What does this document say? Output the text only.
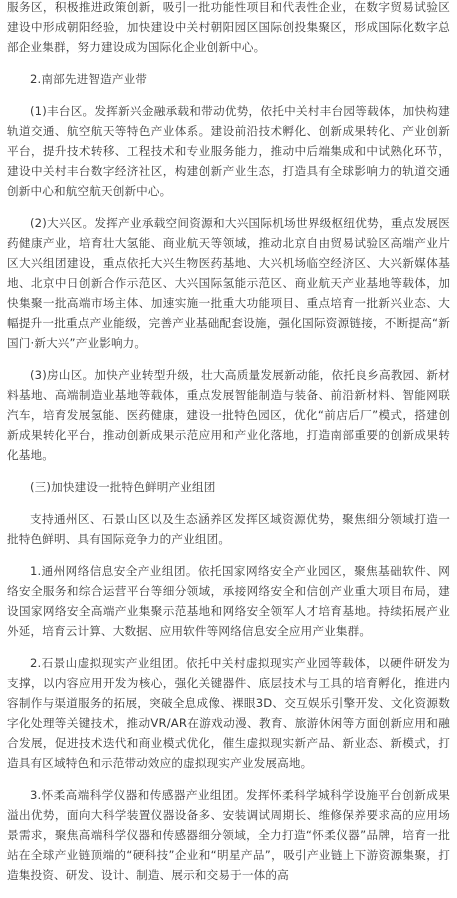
服务区，积极推进政策创新，吸引一批功能性项目和代表性企业，在数字贸易试验区建设中形成朝阳经验，加快建设中关村朝阳园区国际创投集聚区，形成国际化数字总部企业集群，努力建设成为国际化企业创新中心。

2.南部先进智造产业带

(1)丰台区。发挥新兴金融承载和带动优势，依托中关村丰台园等载体，加快构建轨道交通、航空航天等特色产业体系。建设前沿技术孵化、创新成果转化、产业创新平台，提升技术转移、工程技术和专业服务能力，推动中后端集成和中试熟化环节，建设中关村丰台数字经济社区，构建创新产业生态，打造具有全球影响力的轨道交通创新中心和航空航天创新中心。

(2)大兴区。发挥产业承载空间资源和大兴国际机场世界级枢纽优势，重点发展医药健康产业，培育壮大氢能、商业航天等领域，推动北京自由贸易试验区高端产业片区大兴组团建设，重点依托大兴生物医药基地、大兴机场临空经济区、大兴新媒体基地、北京中日创新合作示范区、大兴国际氢能示范区、商业航天产业基地等载体，加快集聚一批高端市场主体、加速实施一批重大功能项目、重点培育一批新兴业态、大幅提升一批重点产业能级，完善产业基础配套设施，强化国际资源链接，不断提高“新国门·新大兴”产业影响力。

(3)房山区。加快产业转型升级，壮大高质量发展新动能，依托良乡高教园、新材料基地、高端制造业基地等载体，重点发展智能制造与装备、前沿新材料、智能网联汽车，培育发展氢能、医药健康，建设一批特色园区，优化“前店后厂”模式，搭建创新成果转化平台，推动创新成果示范应用和产业化落地，打造南部重要的创新成果转化基地。

(三)加快建设一批特色鲜明产业组团

支持通州区、石景山区以及生态涵养区发挥区域资源优势，聚焦细分领域打造一批特色鲜明、具有国际竞争力的产业组团。

1.通州网络信息安全产业组团。依托国家网络安全产业园区，聚焦基础软件、网络安全服务和综合运营平台等细分领域，承接网络安全和信创产业重大项目布局，建设国家网络安全高端产业集聚示范基地和网络安全领军人才培育基地。持续拓展产业外延，培育云计算、大数据、应用软件等网络信息安全应用产业集群。

2.石景山虚拟现实产业组团。依托中关村虚拟现实产业园等载体，以硬件研发为支撑，以内容应用开发为核心，强化关键器件、底层技术与工具的培育孵化，推进内容制作与渠道服务的拓展，突破全息成像、裸眼3D、交互娱乐引擎开发、文化资源数字化处理等关键技术，推动VR/AR在游戏动漫、教育、旅游休闲等方面创新应用和融合发展，促进技术迭代和商业模式优化，催生虚拟现实新产品、新业态、新模式，打造具有区域特色和示范带动效应的虚拟现实产业发展高地。

3.怀柔高端科学仪器和传感器产业组团。发挥怀柔科学城科学设施平台创新成果溢出优势，面向大科学装置仪器设备多、安装调试周期长、维修保养要求高的应用场景需求，聚焦高端科学仪器和传感器细分领域，全力打造“怀柔仪器”品牌，培育一批站在全球产业链顶端的“硬科技”企业和“明星产品”，吸引产业链上下游资源集聚，打造集投资、研发、设计、制造、展示和交易于一体的高
